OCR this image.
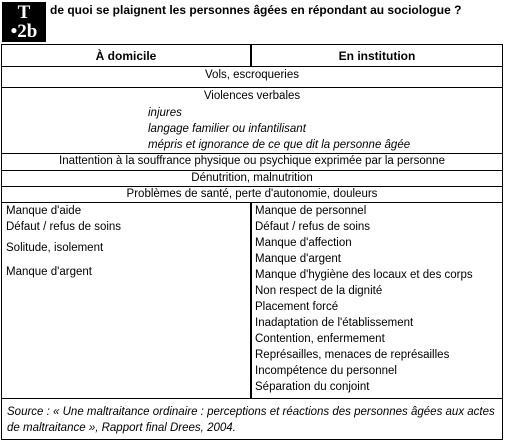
T
•2b
de quoi se plaignent les personnes âgées en répondant au sociologue ?
À domicile	En institution
Vols, escroqueries
Violences verbales
injures
langage familier ou infantilisant
mépris et ignorance de ce que dit la personne âgée
Inattention à la souffrance physique ou psychique exprimée par la personne
Dénutrition, malnutrition
Problèmes de santé, perte d'autonomie, douleurs
Manque d'aide
Défaut / refus de soins
Solitude, isolement
Manque d'argent
Manque de personnel
Défaut / refus de soins
Manque d'affection
Manque d'argent
Manque d'hygiène des locaux et des corps
Non respect de la dignité
Placement forcé
Inadaptation de l'établissement
Contention, enfermement
Représailles, menaces de représailles
Incompétence du personnel
Séparation du conjoint
Source : « Une maltraitance ordinaire : perceptions et réactions des personnes âgées aux actes de maltraitance », Rapport final Drees, 2004.
